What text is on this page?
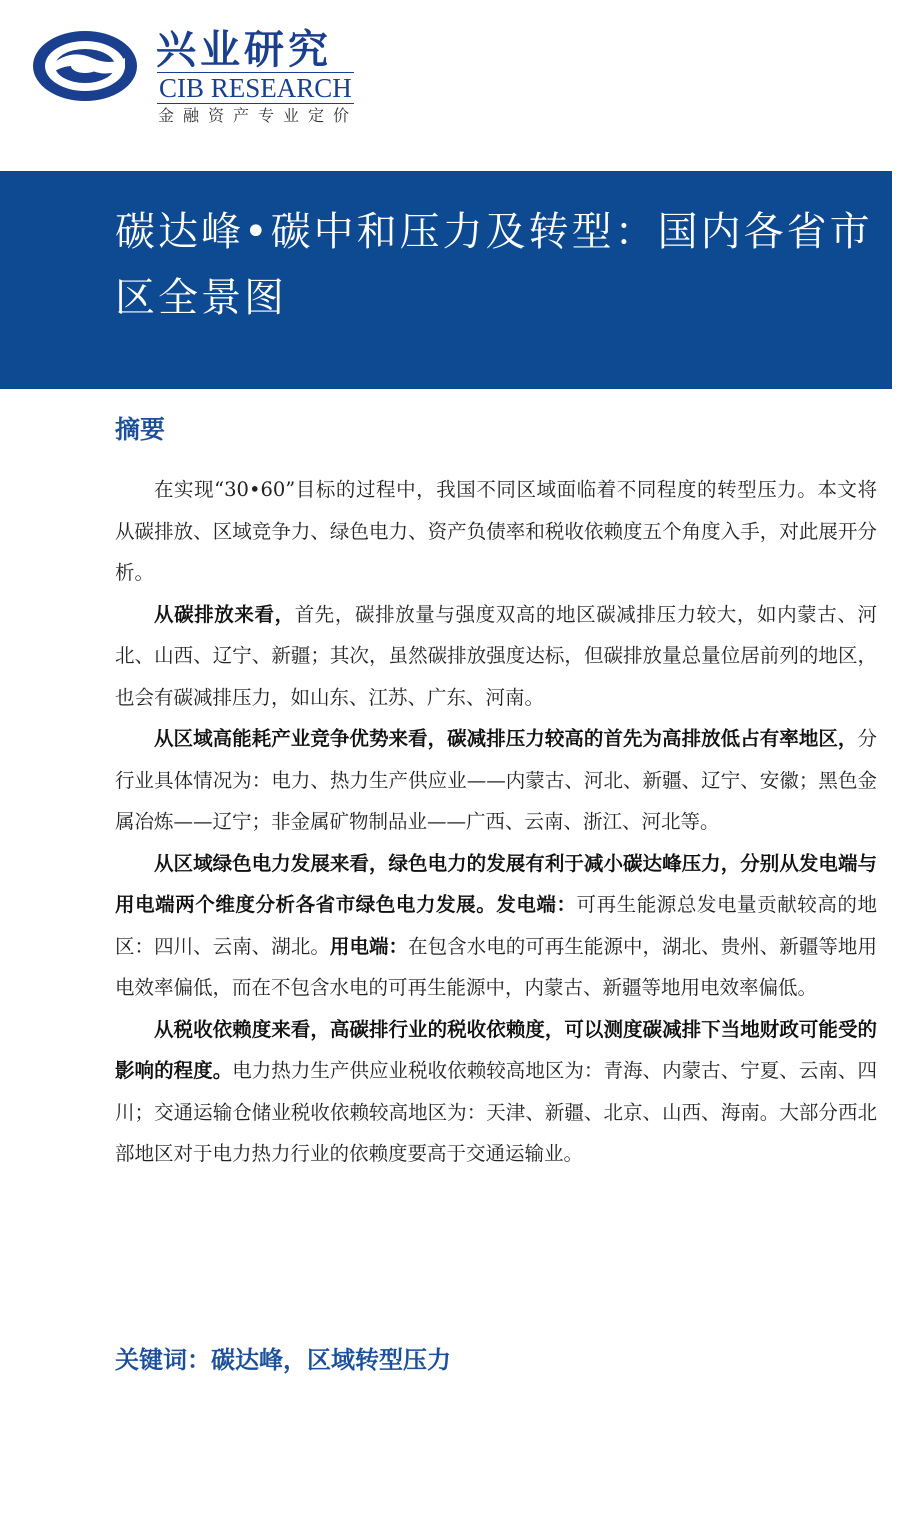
兴业研究
CIB RESEARCH
金融资产专业定价
碳达峰•碳中和压力及转型：国内各省市区全景图
摘要

在实现“30•60”目标的过程中，我国不同区域面临着不同程度的转型压力。本文将从碳排放、区域竞争力、绿色电力、资产负债率和税收依赖度五个角度入手，对此展开分析。

从碳排放来看，首先，碳排放量与强度双高的地区碳减排压力较大，如内蒙古、河北、山西、辽宁、新疆；其次，虽然碳排放强度达标，但碳排放量总量位居前列的地区，也会有碳减排压力，如山东、江苏、广东、河南。

从区域高能耗产业竞争优势来看，碳减排压力较高的首先为高排放低占有率地区，分行业具体情况为：电力、热力生产供应业——内蒙古、河北、新疆、辽宁、安徽；黑色金属冶炼——辽宁；非金属矿物制品业——广西、云南、浙江、河北等。

从区域绿色电力发展来看，绿色电力的发展有利于减小碳达峰压力，分别从发电端与用电端两个维度分析各省市绿色电力发展。发电端：可再生能源总发电量贡献较高的地区：四川、云南、湖北。用电端：在包含水电的可再生能源中，湖北、贵州、新疆等地用电效率偏低，而在不包含水电的可再生能源中，内蒙古、新疆等地用电效率偏低。

从税收依赖度来看，高碳排行业的税收依赖度，可以测度碳减排下当地财政可能受的影响的程度。电力热力生产供应业税收依赖较高地区为：青海、内蒙古、宁夏、云南、四川；交通运输仓储业税收依赖较高地区为：天津、新疆、北京、山西、海南。大部分西北部地区对于电力热力行业的依赖度要高于交通运输业。

关键词：碳达峰，区域转型压力
